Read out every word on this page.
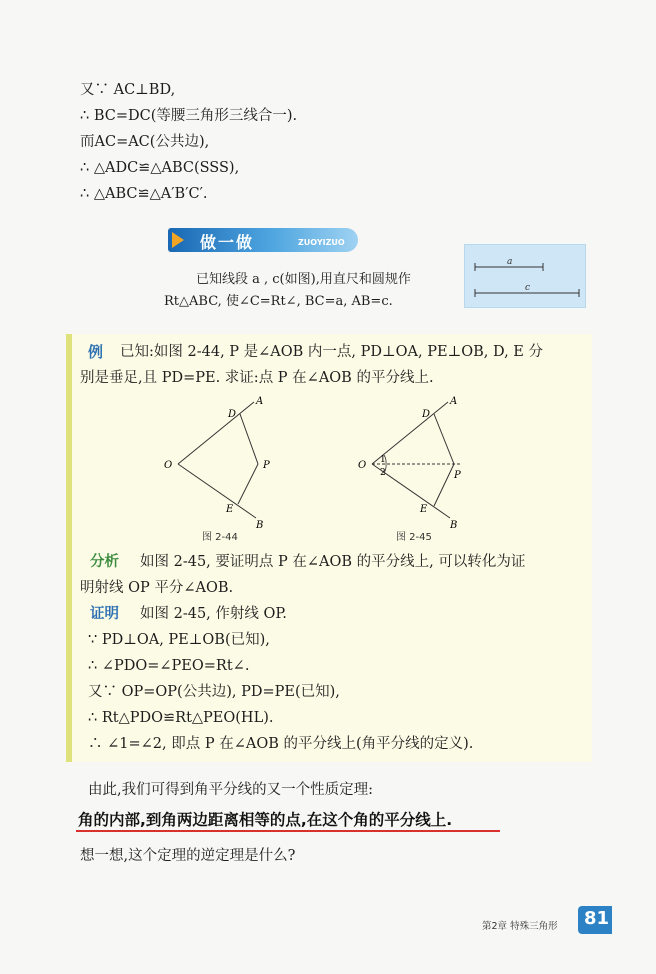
又∵ AC⊥BD,
∴ BC=DC(等腰三角形三线合一).
而AC=AC(公共边),
∴ △ADC≌△ABC(SSS),
∴ △ABC≌△A′B′C′.
做一做	ZUOYIZUO
已知线段 a , c(如图),用直尺和圆规作
Rt△ABC, 使∠C=Rt∠, BC=a, AB=c.
a
c
例 已知:如图 2-44, P 是∠AOB 内一点, PD⊥OA, PE⊥OB, D, E 分
别是垂足,且 PD=PE. 求证:点 P 在∠AOB 的平分线上.
A
D
O	P
E
B
图 2-44
A
D
O
P
E
B
1
2
图 2-45
分析 如图 2-45, 要证明点 P 在∠AOB 的平分线上, 可以转化为证
明射线 OP 平分∠AOB.
证明 如图 2-45, 作射线 OP.
∵ PD⊥OA, PE⊥OB(已知),
∴ ∠PDO=∠PEO=Rt∠.
又∵ OP=OP(公共边), PD=PE(已知),
∴ Rt△PDO≌Rt△PEO(HL).
∴ ∠1=∠2, 即点 P 在∠AOB 的平分线上(角平分线的定义).
由此,我们可得到角平分线的又一个性质定理:
角的内部,到角两边距离相等的点,在这个角的平分线上.
想一想,这个定理的逆定理是什么?
第2章 特殊三角形 81
